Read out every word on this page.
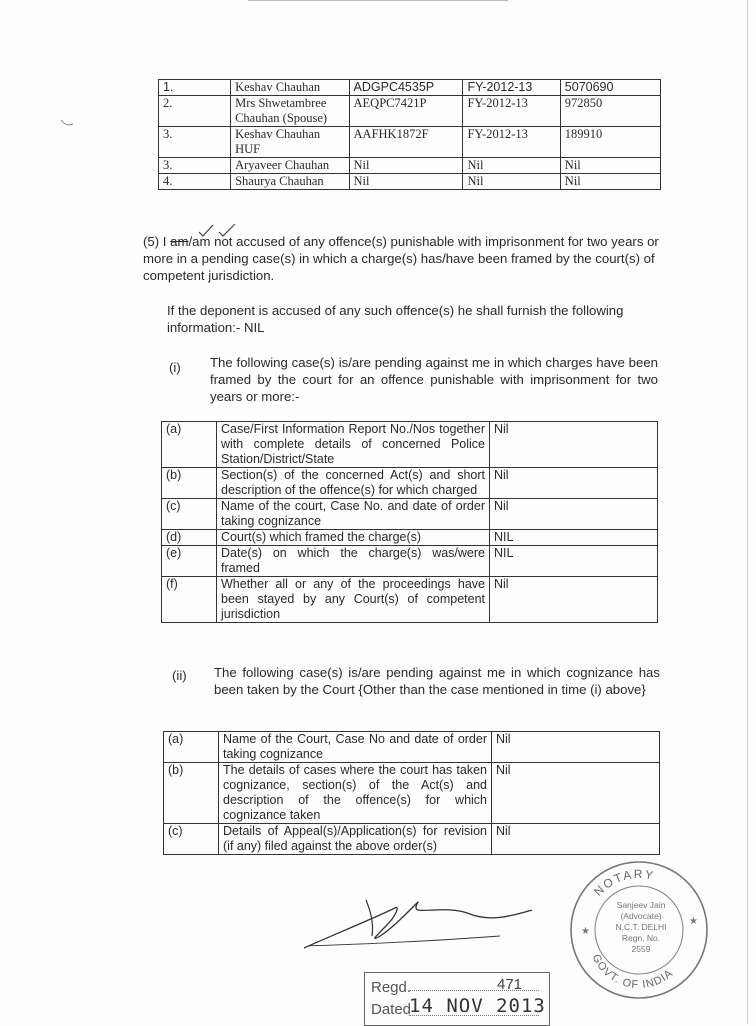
1.	Keshav Chauhan	ADGPC4535P	FY-2012-13	5070690
2.	Mrs Shwetambree Chauhan (Spouse)	AEQPC7421P	FY-2012-13	972850
3.	Keshav Chauhan HUF	AAFHK1872F	FY-2012-13	189910
3.	Aryaveer Chauhan	Nil	Nil	Nil
4.	Shaurya Chauhan	Nil	Nil	Nil
(5) I am/am not accused of any offence(s) punishable with imprisonment for two years or more in a pending case(s) in which a charge(s) has/have been framed by the court(s) of competent jurisdiction.
If the deponent is accused of any such offence(s) he shall furnish the following information:- NIL
(i) The following case(s) is/are pending against me in which charges have been framed by the court for an offence punishable with imprisonment for two years or more:-
(a)	Case/First Information Report No./Nos together with complete details of concerned Police Station/District/State	Nil
(b)	Section(s) of the concerned Act(s) and short description of the offence(s) for which charged	Nil
(c)	Name of the court, Case No. and date of order taking cognizance	Nil
(d)	Court(s) which framed the charge(s)	NIL
(e)	Date(s) on which the charge(s) was/were framed	NIL
(f)	Whether all or any of the proceedings have been stayed by any Court(s) of competent jurisdiction	Nil
(ii) The following case(s) is/are pending against me in which cognizance has been taken by the Court {Other than the case mentioned in time (i) above}
(a)	Name of the Court, Case No and date of order taking cognizance	Nil
(b)	The details of cases where the court has taken cognizance, section(s) of the Act(s) and description of the offence(s) for which cognizance taken	Nil
(c)	Details of Appeal(s)/Application(s) for revision (if any) filed against the above order(s)	Nil
NOTARY
GOVT. OF INDIA
★
★
Sanjeev Jain
(Advocate)
N.C.T. DELHI
Regn. No.
2559
Regd.
Dated
471
14 NOV 2013
